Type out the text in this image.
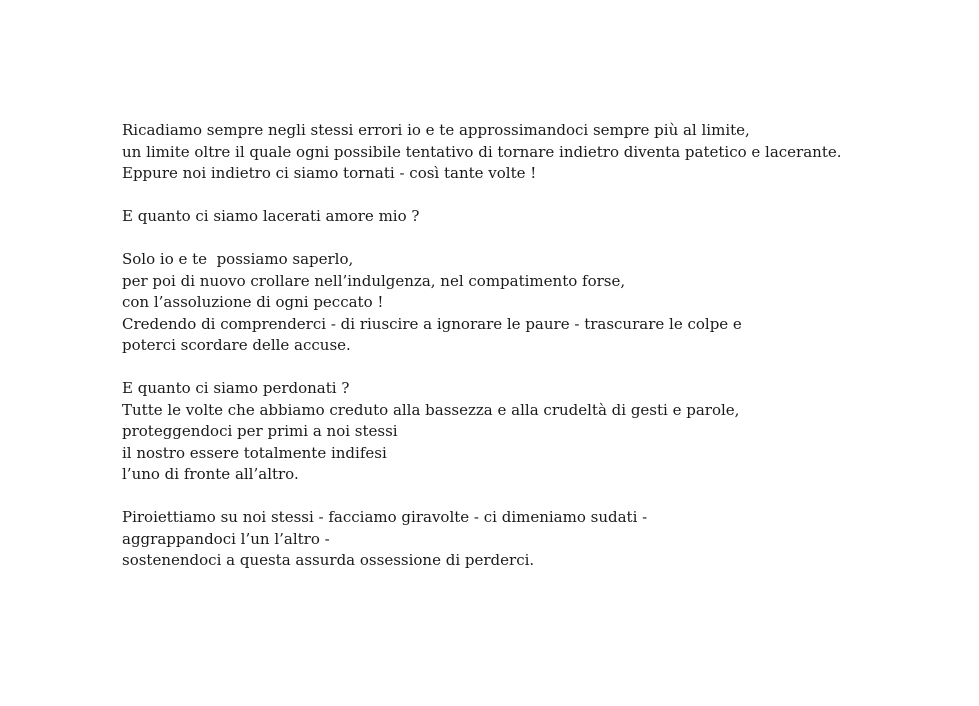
Ricadiamo sempre negli stessi errori io e te approssimandoci sempre più al limite,
un limite oltre il quale ogni possibile tentativo di tornare indietro diventa patetico e lacerante.
Eppure noi indietro ci siamo tornati - così tante volte !

E quanto ci siamo lacerati amore mio ?

Solo io e te  possiamo saperlo,
per poi di nuovo crollare nell’indulgenza, nel compatimento forse,
con l’assoluzione di ogni peccato !
Credendo di comprenderci - di riuscire a ignorare le paure - trascurare le colpe e
poterci scordare delle accuse.

E quanto ci siamo perdonati ?
Tutte le volte che abbiamo creduto alla bassezza e alla crudeltà di gesti e parole,
proteggendoci per primi a noi stessi
il nostro essere totalmente indifesi
l’uno di fronte all’altro.

Piroiettiamo su noi stessi - facciamo giravolte - ci dimeniamo sudati -
aggrappandoci l’un l’altro -
sostenendoci a questa assurda ossessione di perderci.
